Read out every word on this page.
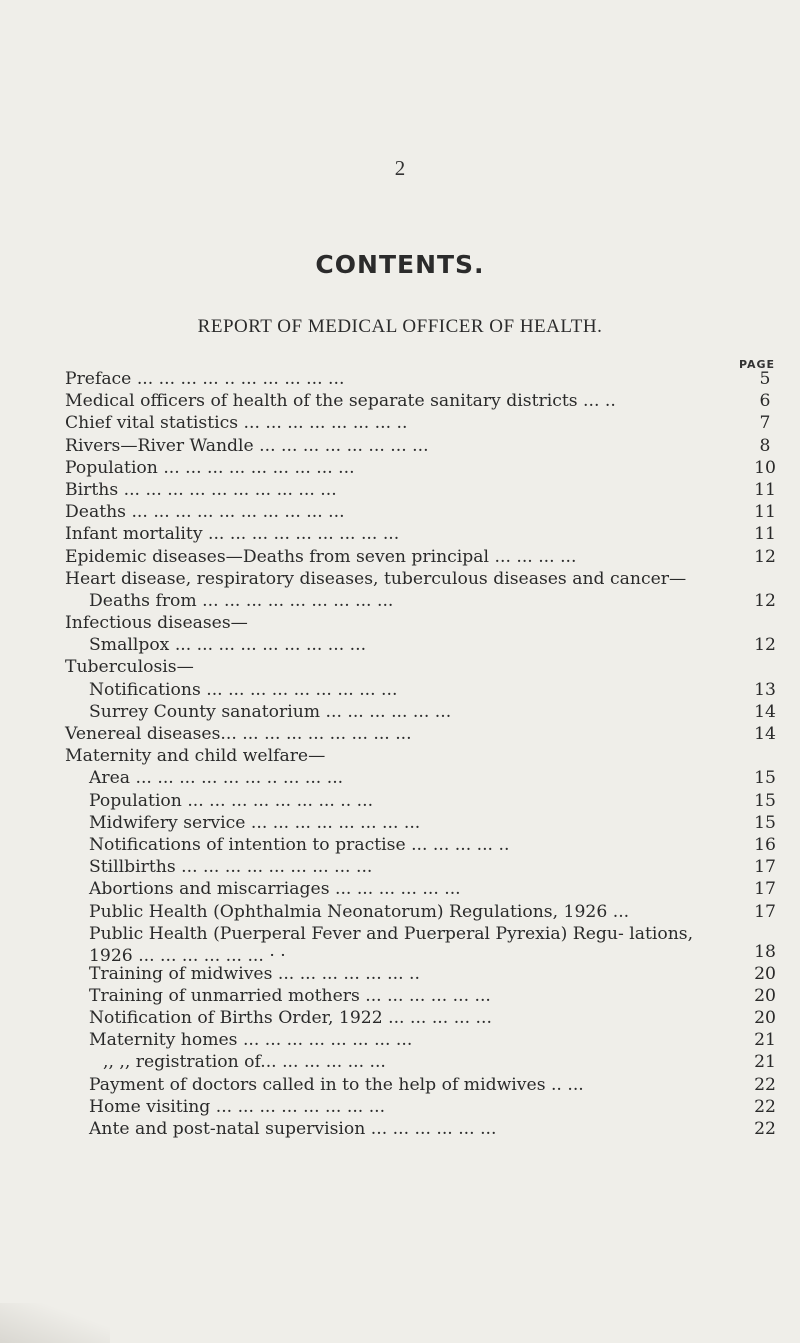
2
CONTENTS.
REPORT OF MEDICAL OFFICER OF HEALTH.
PAGE
Preface ... ... ... ... .. ... ... ... ... ...	5
Medical officers of health of the separate sanitary districts ... ..	6
Chief vital statistics ... ... ... ... ... ... ... ..	7
Rivers—River Wandle ... ... ... ... ... ... ... ...	8
Population ... ... ... ... ... ... ... ... ...	10
Births ... ... ... ... ... ... ... ... ... ...	11
Deaths ... ... ... ... ... ... ... ... ... ...	11
Infant mortality ... ... ... ... ... ... ... ... ...	11
Epidemic diseases—Deaths from seven principal ... ... ... ...	12
Heart disease, respiratory diseases, tuberculous diseases and cancer—
Deaths from ... ... ... ... ... ... ... ... ...	12
Infectious diseases—
Smallpox ... ... ... ... ... ... ... ... ...	12
Tuberculosis—
Notifications ... ... ... ... ... ... ... ... ...	13
Surrey County sanatorium ... ... ... ... ... ...	14
Venereal diseases... ... ... ... ... ... ... ... ...	14
Maternity and child welfare—
Area ... ... ... ... ... ... .. ... ... ...	15
Population ... ... ... ... ... ... ... .. ...	15
Midwifery service ... ... ... ... ... ... ... ...	15
Notifications of intention to practise ... ... ... ... ..	16
Stillbirths ... ... ... ... ... ... ... ... ...	17
Abortions and miscarriages ... ... ... ... ... ...	17
Public Health (Ophthalmia Neonatorum) Regulations, 1926 ...	17
Public Health (Puerperal Fever and Puerperal Pyrexia) Regu- lations, 1926 ... ... ... ... ... ... · ·	18
Training of midwives ... ... ... ... ... ... ..	20
Training of unmarried mothers ... ... ... ... ... ...	20
Notification of Births Order, 1922 ... ... ... ... ...	20
Maternity homes ... ... ... ... ... ... ... ...	21
,, ,, registration of... ... ... ... ... ...	21
Payment of doctors called in to the help of midwives .. ...	22
Home visiting ... ... ... ... ... ... ... ...	22
Ante and post-natal supervision ... ... ... ... ... ...	22
